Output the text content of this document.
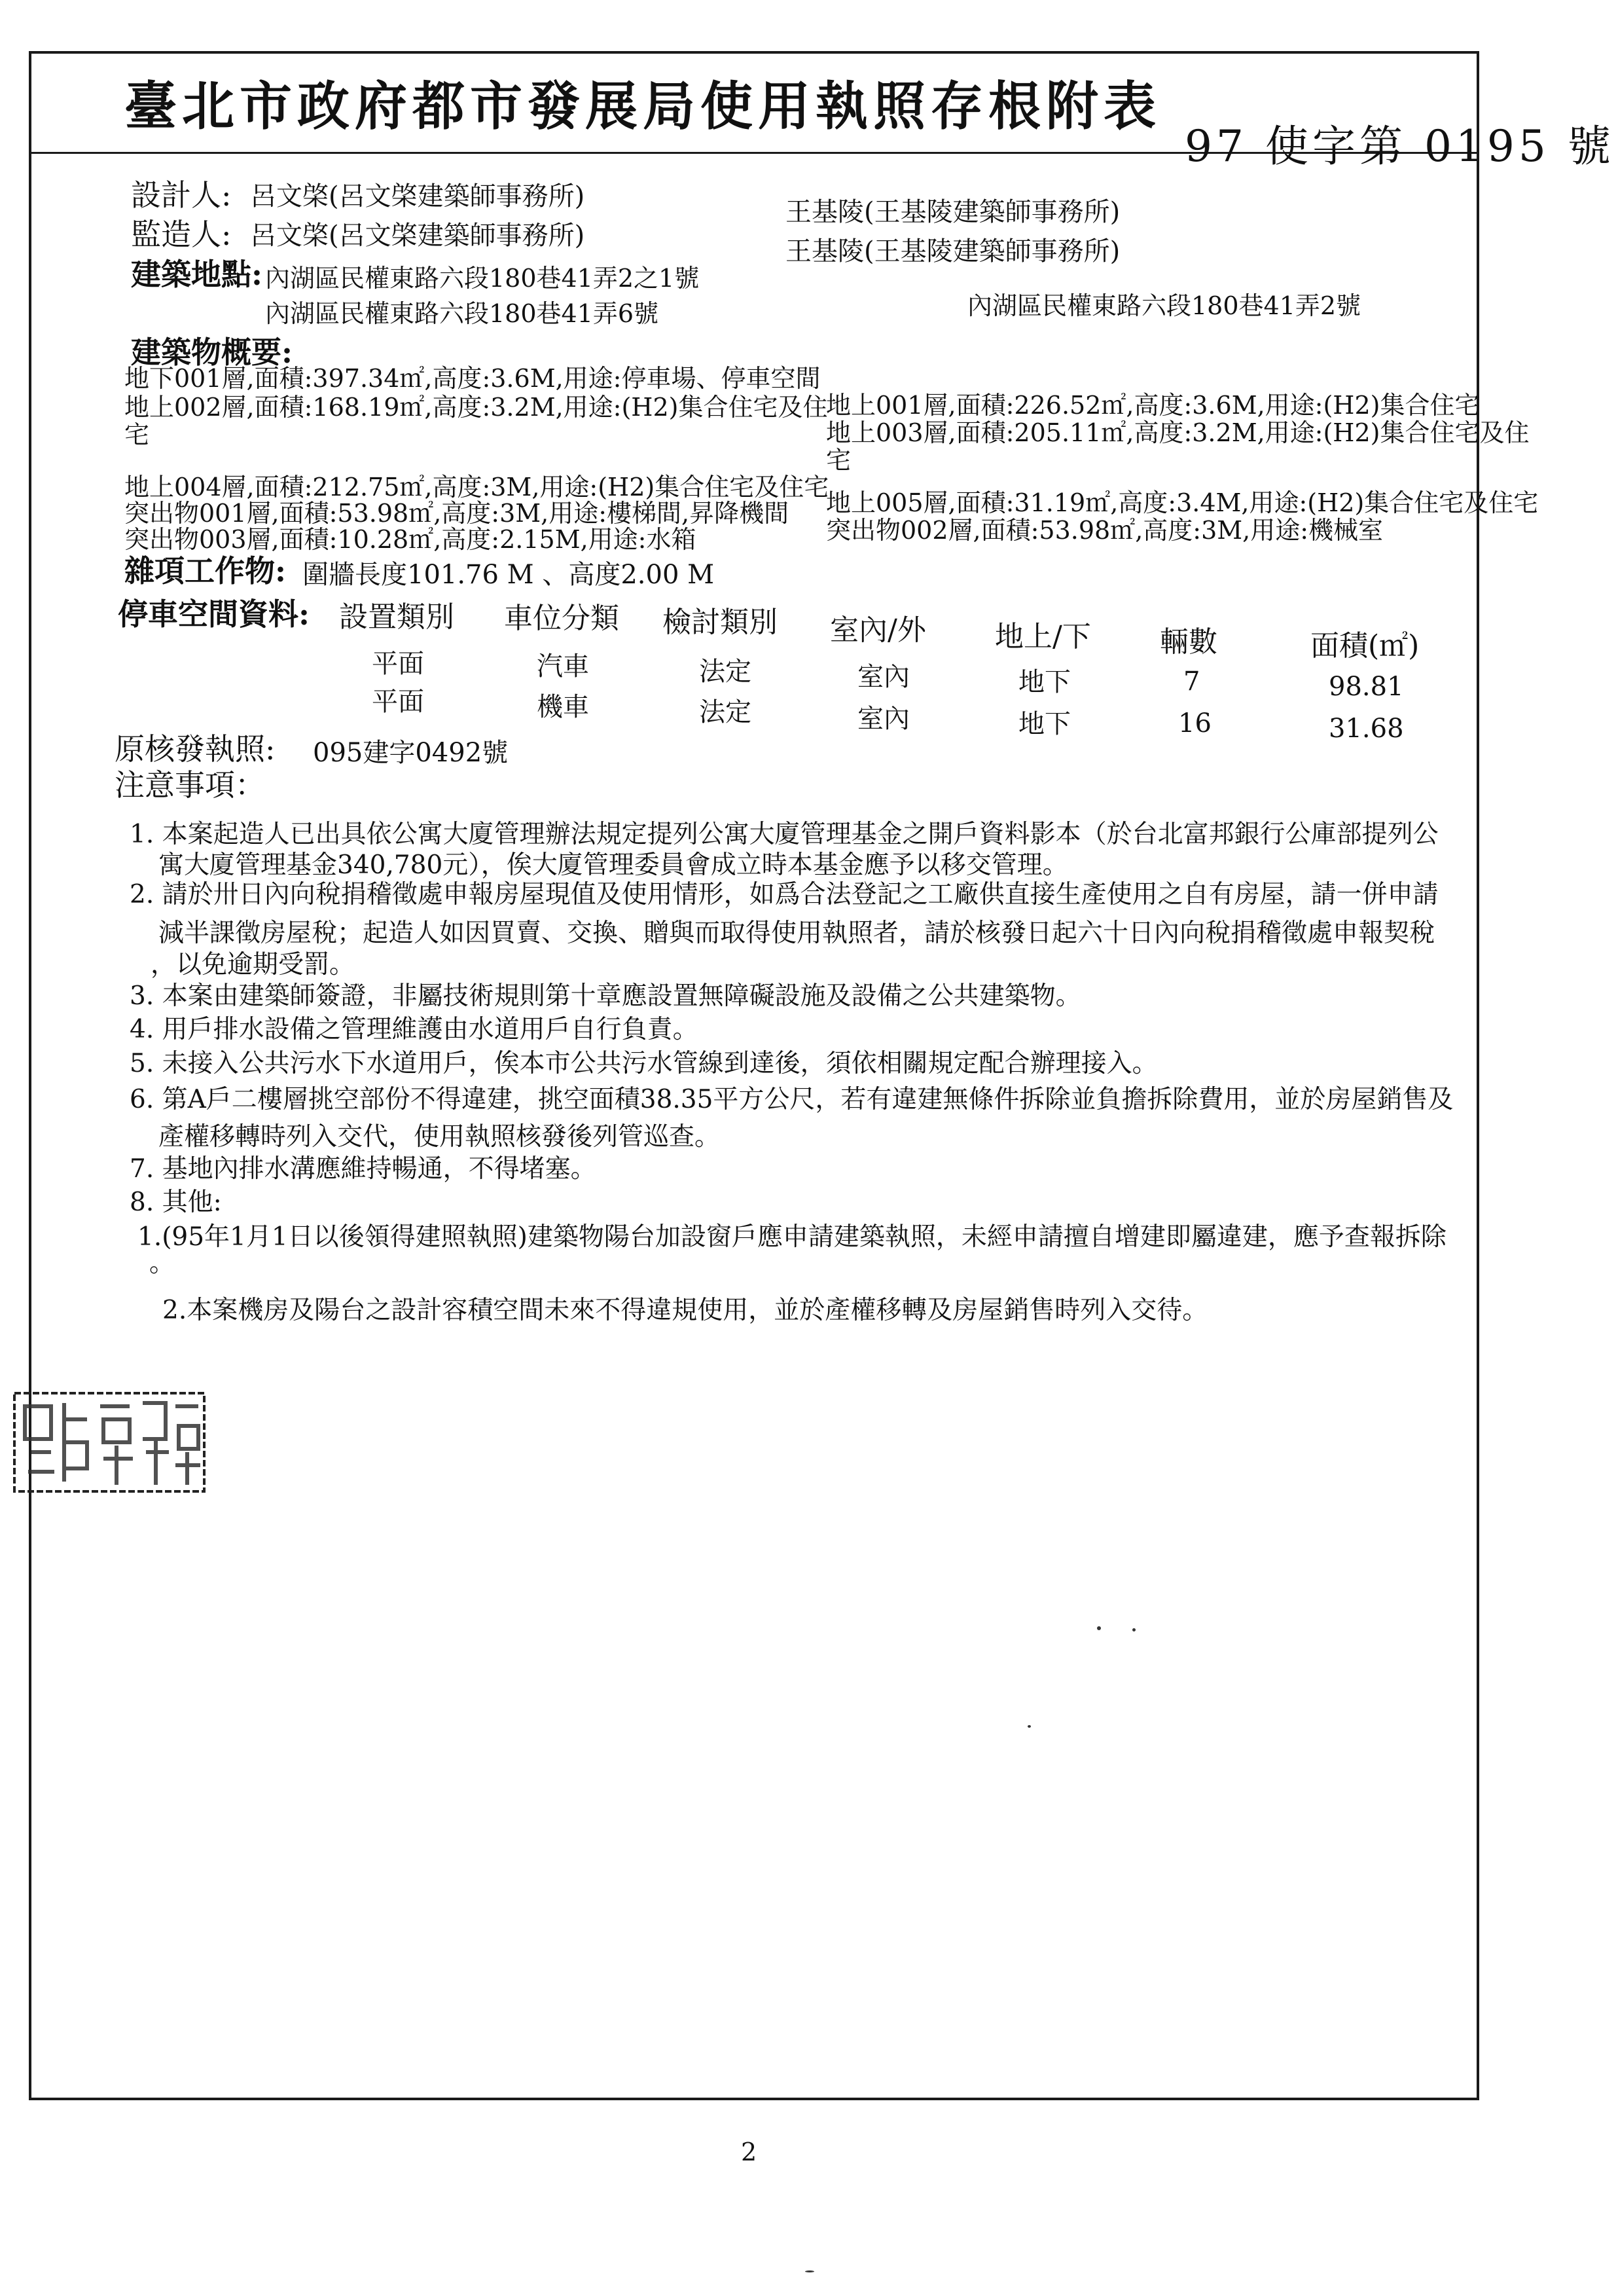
臺北市政府都市發展局使用執照存根附表
97 使字第 0195 號
設計人: 呂文棨(呂文棨建築師事務所)
王基陵(王基陵建築師事務所)
監造人: 呂文棨(呂文棨建築師事務所)
王基陵(王基陵建築師事務所)
建築地點: 內湖區民權東路六段180巷41弄2之1號
內湖區民權東路六段180巷41弄6號	內湖區民權東路六段180巷41弄2號
建築物概要:
地下001層,面積:397.34㎡,高度:3.6M,用途:停車場、停車空間
地上002層,面積:168.19㎡,高度:3.2M,用途:(H2)集合住宅及住
宅
地上004層,面積:212.75㎡,高度:3M,用途:(H2)集合住宅及住宅
突出物001層,面積:53.98㎡,高度:3M,用途:樓梯間,昇降機間
突出物003層,面積:10.28㎡,高度:2.15M,用途:水箱
地上001層,面積:226.52㎡,高度:3.6M,用途:(H2)集合住宅
地上003層,面積:205.11㎡,高度:3.2M,用途:(H2)集合住宅及住
宅
地上005層,面積:31.19㎡,高度:3.4M,用途:(H2)集合住宅及住宅
突出物002層,面積:53.98㎡,高度:3M,用途:機械室
雜項工作物: 圍牆長度101.76 M 、高度2.00 M
停車空間資料: 設置類別 車位分類 檢討類別 室內/外 地上/下 輛數	面積(㎡)
平面	汽車	法定	室內	地下	7	98.81
平面	機車	法定	室內	地下	16	31.68
原核發執照: 095建字0492號
注意事項：
1. 本案起造人已出具依公寓大廈管理辦法規定提列公寓大廈管理基金之開戶資料影本（於台北富邦銀行公庫部提列公
寓大廈管理基金340,780元），俟大廈管理委員會成立時本基金應予以移交管理。
2. 請於卅日內向稅捐稽徵處申報房屋現值及使用情形，如爲合法登記之工廠供直接生產使用之自有房屋，請一併申請
減半課徵房屋稅；起造人如因買賣、交換、贈與而取得使用執照者，請於核發日起六十日內向稅捐稽徵處申報契稅
，以免逾期受罰。
3. 本案由建築師簽證，非屬技術規則第十章應設置無障礙設施及設備之公共建築物。
4. 用戶排水設備之管理維護由水道用戶自行負責。
5. 未接入公共污水下水道用戶，俟本市公共污水管線到達後，須依相關規定配合辦理接入。
6. 第A戶二樓層挑空部份不得違建，挑空面積38.35平方公尺，若有違建無條件拆除並負擔拆除費用，並於房屋銷售及
產權移轉時列入交代，使用執照核發後列管巡查。
7. 基地內排水溝應維持暢通，不得堵塞。
8. 其他:
1.(95年1月1日以後領得建照執照)建築物陽台加設窗戶應申請建築執照，未經申請擅自增建即屬違建，應予查報拆除
。
2.本案機房及陽台之設計容積空間未來不得違規使用，並於產權移轉及房屋銷售時列入交待。
2
